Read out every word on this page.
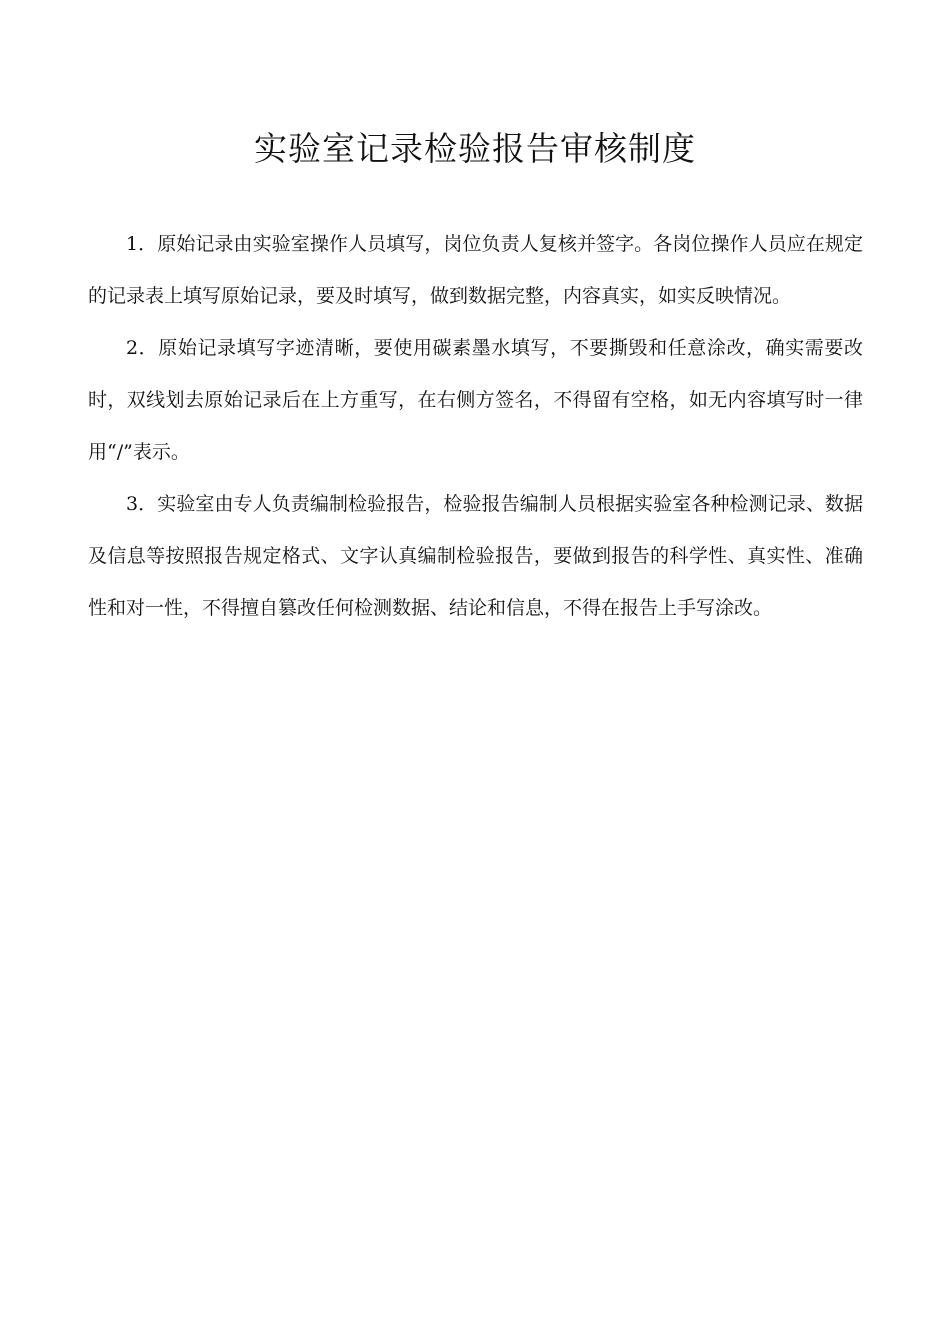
实验室记录检验报告审核制度

1．原始记录由实验室操作人员填写，岗位负责人复核并签字。各岗位操作人员应在规定的记录表上填写原始记录，要及时填写，做到数据完整，内容真实，如实反映情况。

2．原始记录填写字迹清晰，要使用碳素墨水填写，不要撕毁和任意涂改，确实需要改时，双线划去原始记录后在上方重写，在右侧方签名，不得留有空格，如无内容填写时一律用“/”表示。

3．实验室由专人负责编制检验报告，检验报告编制人员根据实验室各种检测记录、数据及信息等按照报告规定格式、文字认真编制检验报告，要做到报告的科学性、真实性、准确性和对一性，不得擅自篡改任何检测数据、结论和信息，不得在报告上手写涂改。
